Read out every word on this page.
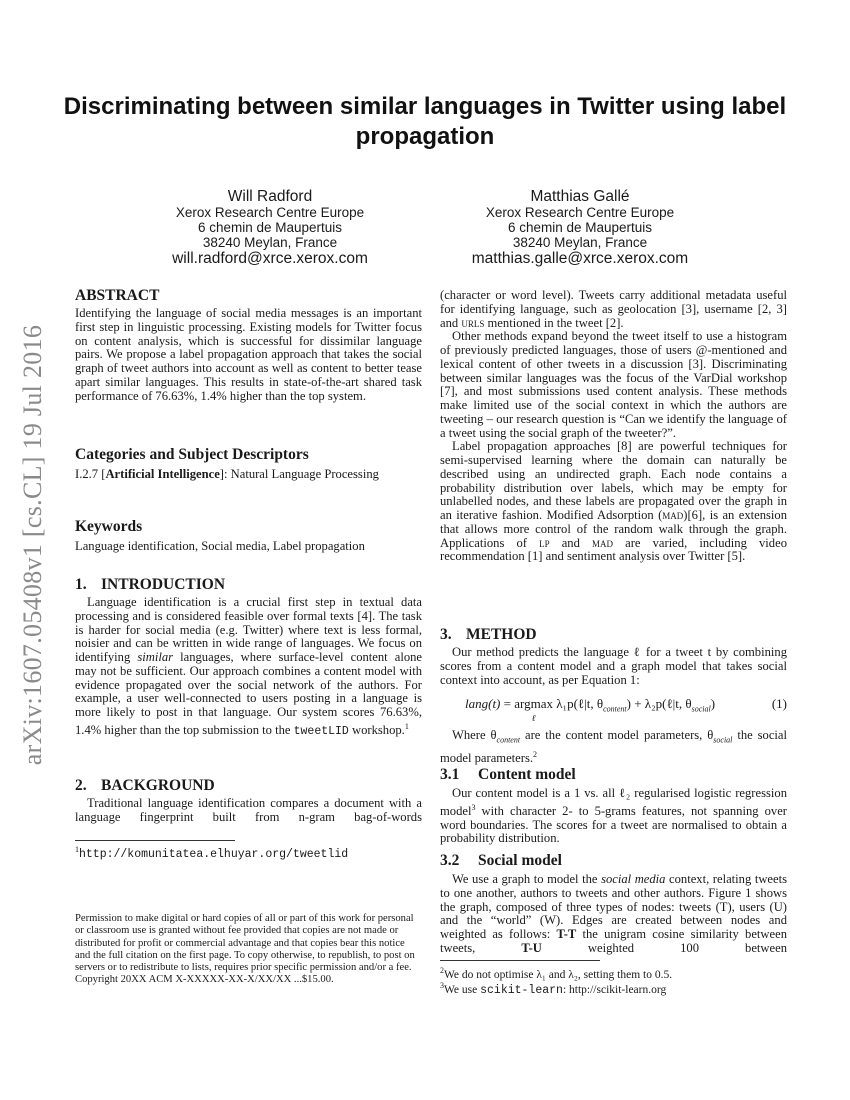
arXiv:1607.05408v1 [cs.CL] 19 Jul 2016
Discriminating between similar languages in Twitter using label propagation
Will Radford
Xerox Research Centre Europe
6 chemin de Maupertuis
38240 Meylan, France
will.radford@xrce.xerox.com
Matthias Gallé
Xerox Research Centre Europe
6 chemin de Maupertuis
38240 Meylan, France
matthias.galle@xrce.xerox.com
ABSTRACT

Identifying the language of social media messages is an important first step in linguistic processing. Existing models for Twitter focus on content analysis, which is successful for dissimilar language pairs. We propose a label propagation approach that takes the social graph of tweet authors into account as well as content to better tease apart similar languages. This results in state-of-the-art shared task performance of 76.63%, 1.4% higher than the top system.

Categories and Subject Descriptors

I.2.7 [Artificial Intelligence]: Natural Language Processing

Keywords

Language identification, Social media, Label propagation

1. INTRODUCTION

Language identification is a crucial first step in textual data processing and is considered feasible over formal texts [4]. The task is harder for social media (e.g. Twitter) where text is less formal, noisier and can be written in wide range of languages. We focus on identifying similar languages, where surface-level content alone may not be sufficient. Our approach combines a content model with evidence propagated over the social network of the authors. For example, a user well-connected to users posting in a language is more likely to post in that language. Our system scores 76.63%, 1.4% higher than the top submission to the tweetLID workshop.$^1$

2. BACKGROUND

Traditional language identification compares a document with a language fingerprint built from n-gram bag-of-words

$^1$http://komunitatea.elhuyar.org/tweetlid
Permission to make digital or hard copies of all or part of this work for personal or classroom use is granted without fee provided that copies are not made or distributed for profit or commercial advantage and that copies bear this notice and the full citation on the first page. To copy otherwise, to republish, to post on servers or to redistribute to lists, requires prior specific permission and/or a fee.
Copyright 20XX ACM X-XXXXX-XX-X/XX/XX ...$15.00.

(character or word level). Tweets carry additional metadata useful for identifying language, such as geolocation [3], username [2, 3] and urls mentioned in the tweet [2].

Other methods expand beyond the tweet itself to use a histogram of previously predicted languages, those of users @-mentioned and lexical content of other tweets in a discussion [3]. Discriminating between similar languages was the focus of the VarDial workshop [7], and most submissions used content analysis. These methods make limited use of the social context in which the authors are tweeting – our research question is “Can we identify the language of a tweet using the social graph of the tweeter?”.

Label propagation approaches [8] are powerful techniques for semi-supervised learning where the domain can naturally be described using an undirected graph. Each node contains a probability distribution over labels, which may be empty for unlabelled nodes, and these labels are propagated over the graph in an iterative fashion. Modified Adsorption (mad)[6], is an extension that allows more control of the random walk through the graph. Applications of lp and mad are varied, including video recommendation [1] and sentiment analysis over Twitter [5].

3. METHOD

Our method predicts the language ℓ for a tweet t by combining scores from a content model and a graph model that takes social context into account, as per Equation 1:

lang(t) = argmax
ℓ
λ₁p(ℓ|t, $\theta_{content}$) + λ₂p(ℓ|t, $\theta_{social}$)	(1)

Where $\theta_{content}$ are the content model parameters, $\theta_{social}$ the social model parameters.$^2$

3.1 Content model

Our content model is a 1 vs. all ℓ₂ regularised logistic regression model$^3$ with character 2- to 5-grams features, not spanning over word boundaries. The scores for a tweet are normalised to obtain a probability distribution.

3.2 Social model

We use a graph to model the social media context, relating tweets to one another, authors to tweets and other authors. Figure 1 shows the graph, composed of three types of nodes: tweets (T), users (U) and the “world” (W). Edges are created between nodes and weighted as follows: T-T the unigram cosine similarity between tweets, T-U weighted 100 between

$^2$We do not optimise λ₁ and λ₂, setting them to 0.5.
$^3$We use scikit-learn: http://scikit-learn.org
